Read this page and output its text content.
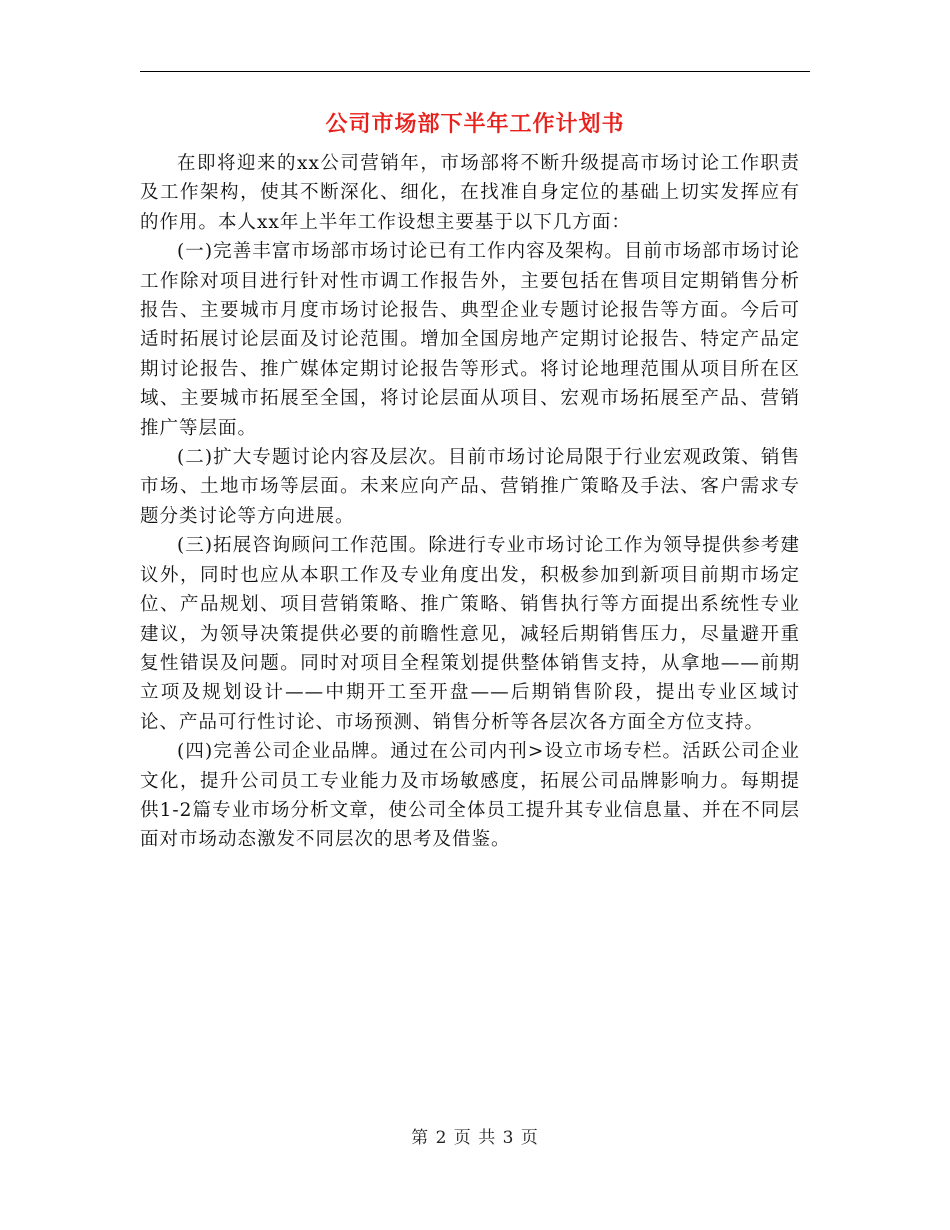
公司市场部下半年工作计划书

在即将迎来的xx公司营销年，市场部将不断升级提高市场讨论工作职责及工作架构，使其不断深化、细化，在找准自身定位的基础上切实发挥应有的作用。本人xx年上半年工作设想主要基于以下几方面：

(一)完善丰富市场部市场讨论已有工作内容及架构。目前市场部市场讨论工作除对项目进行针对性市调工作报告外，主要包括在售项目定期销售分析报告、主要城市月度市场讨论报告、典型企业专题讨论报告等方面。今后可适时拓展讨论层面及讨论范围。增加全国房地产定期讨论报告、特定产品定期讨论报告、推广媒体定期讨论报告等形式。将讨论地理范围从项目所在区域、主要城市拓展至全国，将讨论层面从项目、宏观市场拓展至产品、营销推广等层面。

(二)扩大专题讨论内容及层次。目前市场讨论局限于行业宏观政策、销售市场、土地市场等层面。未来应向产品、营销推广策略及手法、客户需求专题分类讨论等方向进展。

(三)拓展咨询顾问工作范围。除进行专业市场讨论工作为领导提供参考建议外，同时也应从本职工作及专业角度出发，积极参加到新项目前期市场定位、产品规划、项目营销策略、推广策略、销售执行等方面提出系统性专业建议，为领导决策提供必要的前瞻性意见，减轻后期销售压力，尽量避开重复性错误及问题。同时对项目全程策划提供整体销售支持，从拿地——前期立项及规划设计——中期开工至开盘——后期销售阶段，提出专业区域讨论、产品可行性讨论、市场预测、销售分析等各层次各方面全方位支持。

(四)完善公司企业品牌。通过在公司内刊>设立市场专栏。活跃公司企业文化，提升公司员工专业能力及市场敏感度，拓展公司品牌影响力。每期提供1-2篇专业市场分析文章，使公司全体员工提升其专业信息量、并在不同层面对市场动态激发不同层次的思考及借鉴。

第 2 页 共 3 页
